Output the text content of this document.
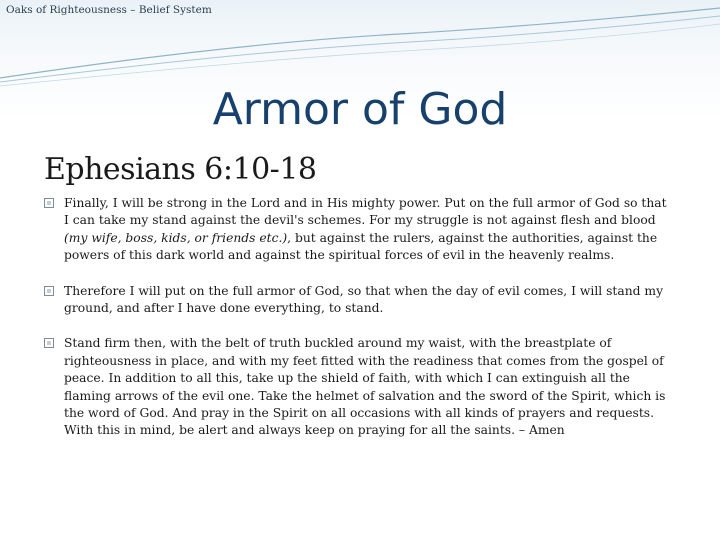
Oaks of Righteousness – Belief System
Armor of God
Ephesians 6:10-18
Finally, I will be strong in the Lord and in His mighty power. Put on the full armor of God so that I can take my stand against the devil's schemes. For my struggle is not against flesh and blood (my wife, boss, kids, or friends etc.), but against the rulers, against the authorities, against the powers of this dark world and against the spiritual forces of evil in the heavenly realms.
Therefore I will put on the full armor of God, so that when the day of evil comes, I will stand my ground, and after I have done everything, to stand.
Stand firm then, with the belt of truth buckled around my waist, with the breastplate of righteousness in place, and with my feet fitted with the readiness that comes from the gospel of peace. In addition to all this, take up the shield of faith, with which I can extinguish all the flaming arrows of the evil one. Take the helmet of salvation and the sword of the Spirit, which is the word of God. And pray in the Spirit on all occasions with all kinds of prayers and requests. With this in mind, be alert and always keep on praying for all the saints. – Amen
